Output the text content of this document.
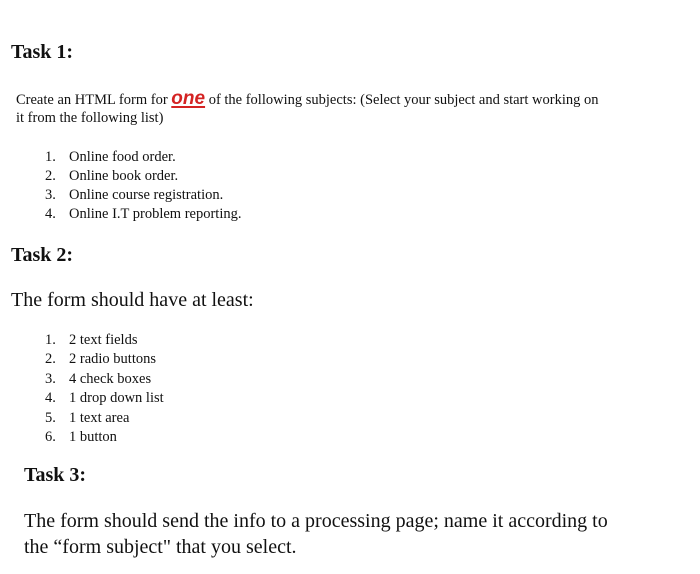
Task 1:

Create an HTML form for one of the following subjects: (Select your subject and start working on

it from the following list)

1. Online food order.
2. Online book order.
3. Online course registration.
4. Online I.T problem reporting.
Task 2:

The form should have at least:

1. 2 text fields
2. 2 radio buttons
3. 4 check boxes
4. 1 drop down list
5. 1 text area
6. 1 button
Task 3:

The form should send the info to a processing page; name it according to

the “form subject" that you select.
